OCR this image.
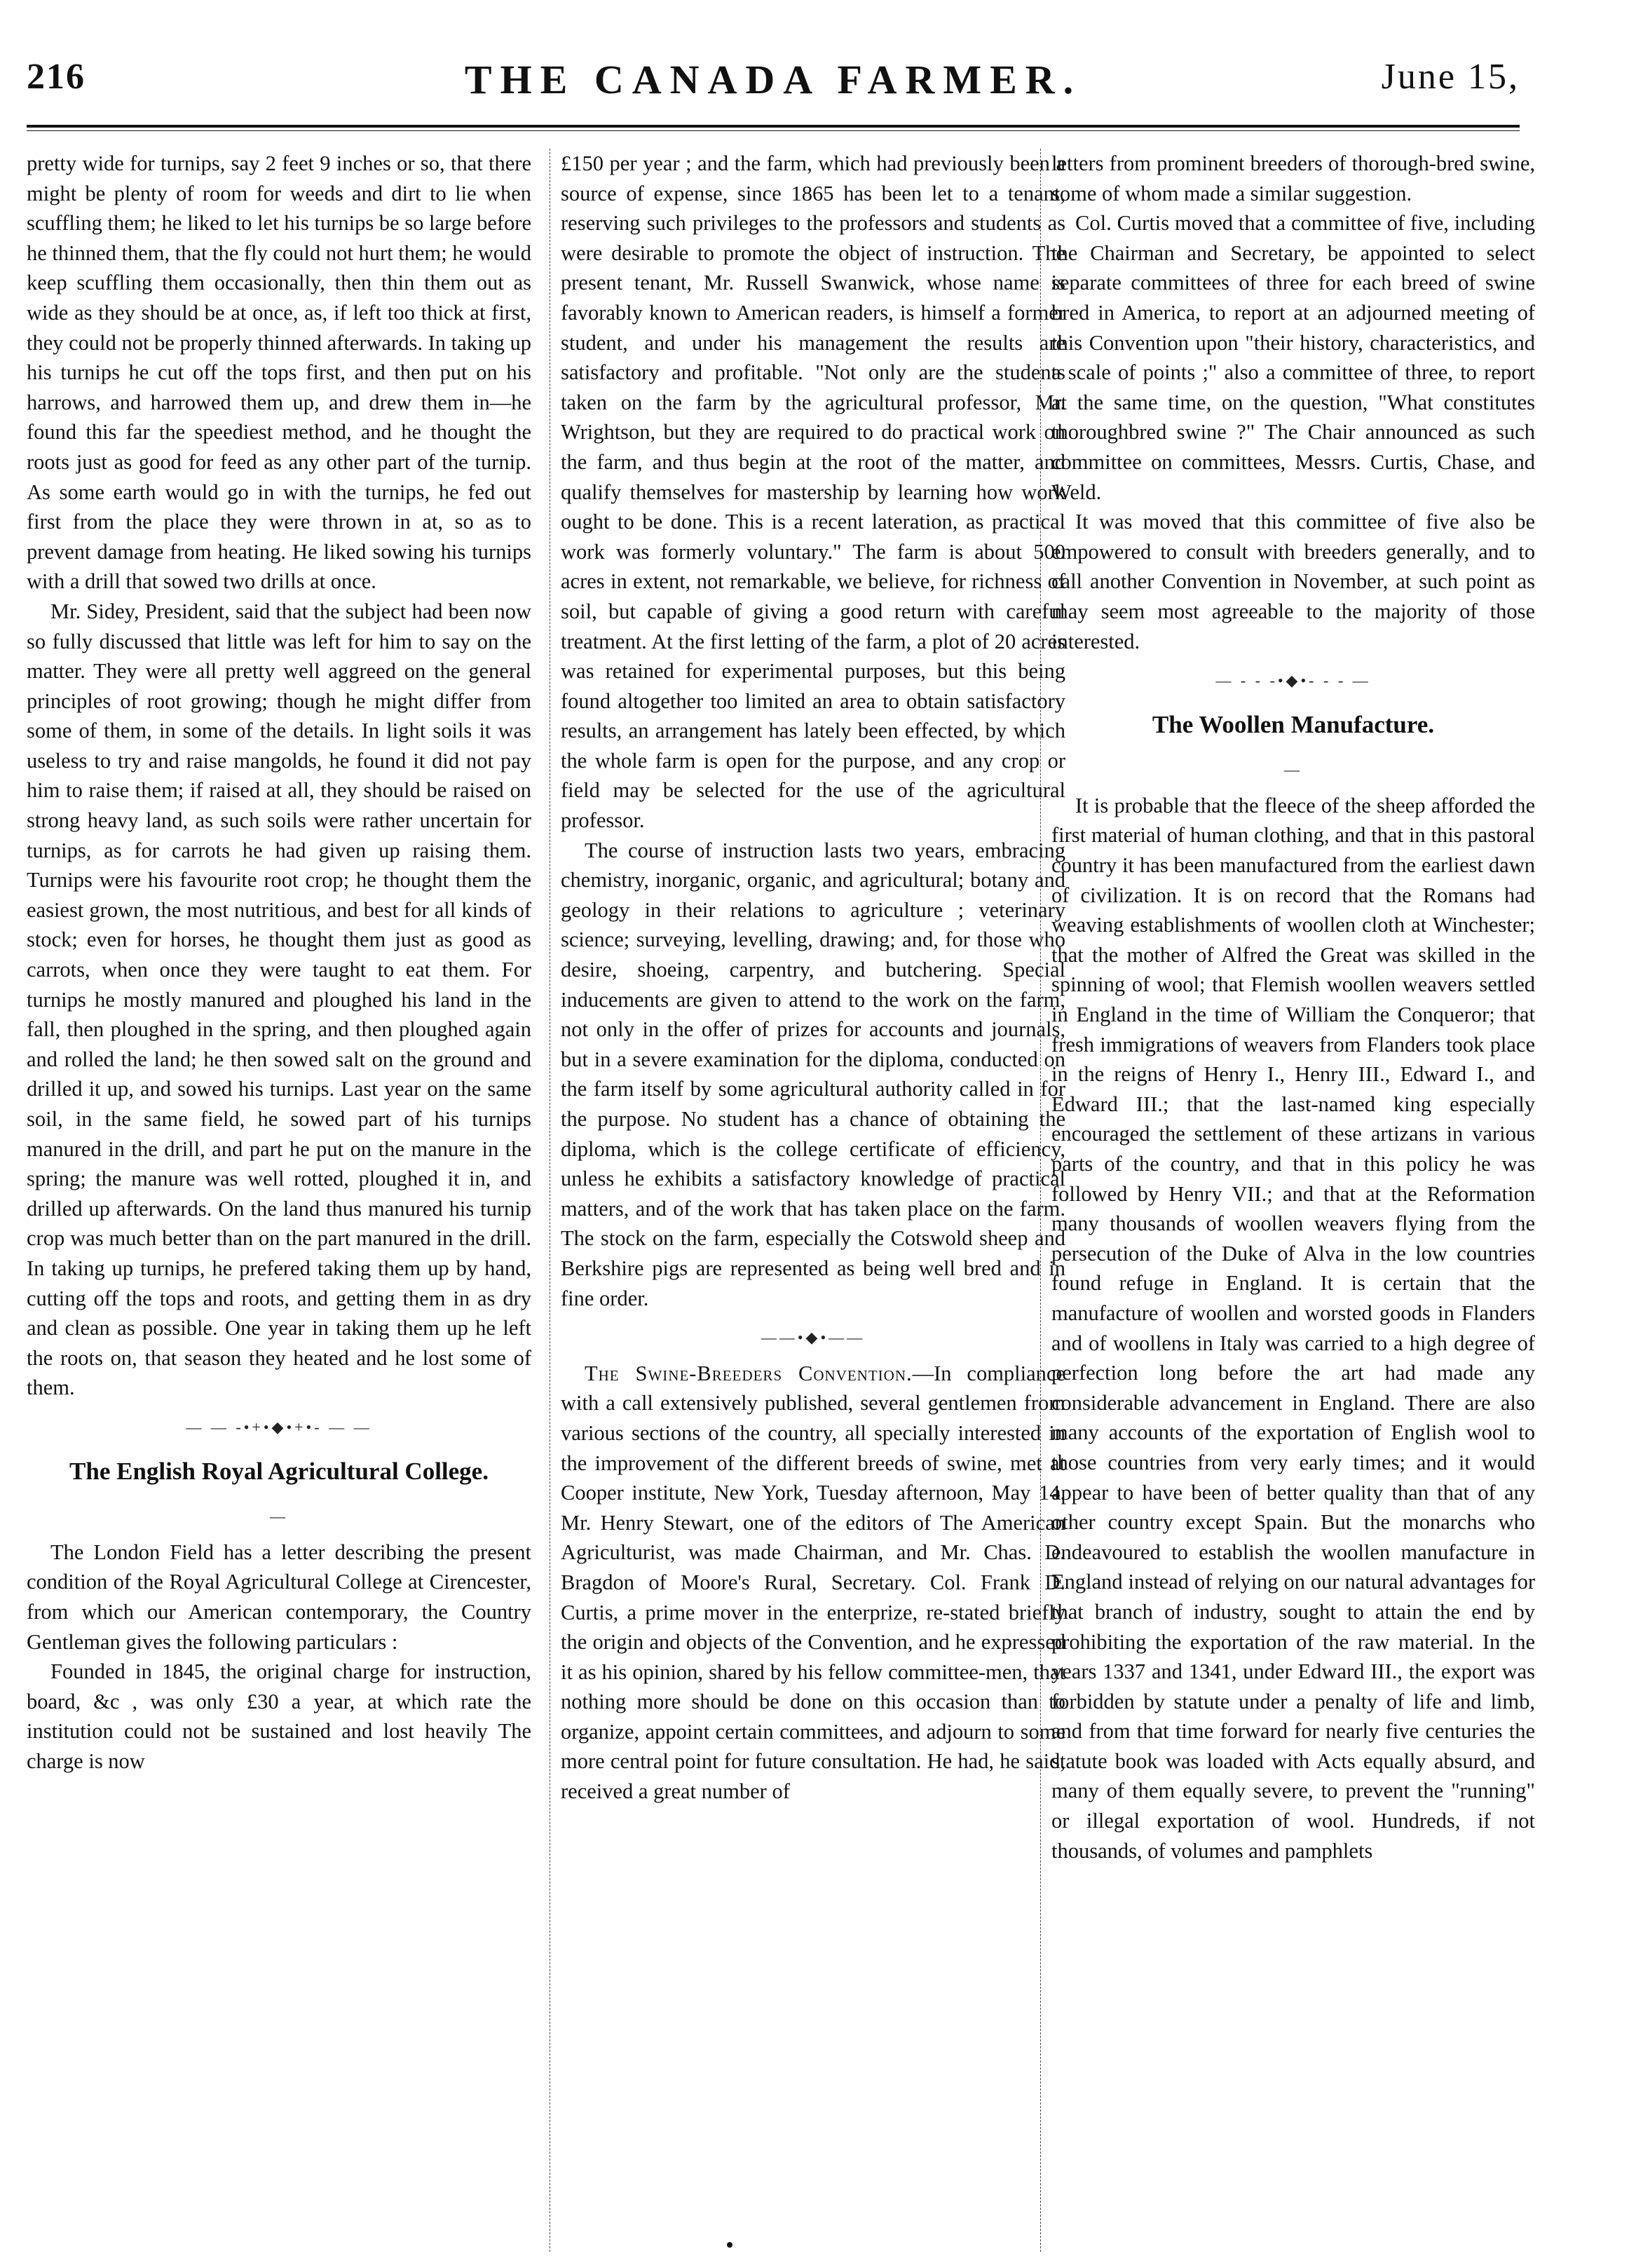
216	THE CANADA FARMER.	June 15,

pretty wide for turnips, say 2 feet 9 inches or so, that there might be plenty of room for weeds and dirt to lie when scuffling them; he liked to let his turnips be so large before he thinned them, that the fly could not hurt them; he would keep scuffling them occasionally, then thin them out as wide as they should be at once, as, if left too thick at first, they could not be properly thinned afterwards. In taking up his turnips he cut off the tops first, and then put on his harrows, and harrowed them up, and drew them in—he found this far the speediest method, and he thought the roots just as good for feed as any other part of the turnip. As some earth would go in with the turnips, he fed out first from the place they were thrown in at, so as to prevent damage from heating. He liked sowing his turnips with a drill that sowed two drills at once.

Mr. Sidey, President, said that the subject had been now so fully discussed that little was left for him to say on the matter. They were all pretty well aggreed on the general principles of root growing; though he might differ from some of them, in some of the details. In light soils it was useless to try and raise mangolds, he found it did not pay him to raise them; if raised at all, they should be raised on strong heavy land, as such soils were rather uncertain for turnips, as for carrots he had given up raising them. Turnips were his favourite root crop; he thought them the easiest grown, the most nutritious, and best for all kinds of stock; even for horses, he thought them just as good as carrots, when once they were taught to eat them. For turnips he mostly manured and ploughed his land in the fall, then ploughed in the spring, and then ploughed again and rolled the land; he then sowed salt on the ground and drilled it up, and sowed his turnips. Last year on the same soil, in the same field, he sowed part of his turnips manured in the drill, and part he put on the manure in the spring; the manure was well rotted, ploughed it in, and drilled up afterwards. On the land thus manured his turnip crop was much better than on the part manured in the drill. In taking up turnips, he prefered taking them up by hand, cutting off the tops and roots, and getting them in as dry and clean as possible. One year in taking them up he left the roots on, that season they heated and he lost some of them.

— — -•+•◆•+•- — —
The English Royal Agricultural College.
—

The London Field has a letter describing the present condition of the Royal Agricultural College at Cirencester, from which our American contemporary, the Country Gentleman gives the following particulars :

Founded in 1845, the original charge for instruction, board, &c , was only £30 a year, at which rate the institution could not be sustained and lost heavily The charge is now

£150 per year ; and the farm, which had previously been a source of expense, since 1865 has been let to a tenant, reserving such privileges to the professors and students as were desirable to promote the object of instruction. The present tenant, Mr. Russell Swanwick, whose name is favorably known to American readers, is himself a former student, and under his management the results are satisfactory and profitable. "Not only are the students taken on the farm by the agricultural professor, Mr. Wrightson, but they are required to do practical work on the farm, and thus begin at the root of the matter, and qualify themselves for mastership by learning how work ought to be done. This is a recent lateration, as practical work was formerly voluntary." The farm is about 500 acres in extent, not remarkable, we believe, for richness of soil, but capable of giving a good return with careful treatment. At the first letting of the farm, a plot of 20 acres was retained for experimental purposes, but this being found altogether too limited an area to obtain satisfactory results, an arrangement has lately been effected, by which the whole farm is open for the purpose, and any crop or field may be selected for the use of the agricultural professor.

The course of instruction lasts two years, embracing chemistry, inorganic, organic, and agricultural; botany and geology in their relations to agriculture ; veterinary science; surveying, levelling, drawing; and, for those who desire, shoeing, carpentry, and butchering. Special inducements are given to attend to the work on the farm, not only in the offer of prizes for accounts and journals, but in a severe examination for the diploma, conducted on the farm itself by some agricultural authority called in for the purpose. No student has a chance of obtaining the diploma, which is the college certificate of efficiency, unless he exhibits a satisfactory knowledge of practical matters, and of the work that has taken place on the farm. The stock on the farm, especially the Cotswold sheep and Berkshire pigs are represented as being well bred and in fine order.

——•◆•——

The Swine-Breeders Convention.—In compliance with a call extensively published, several gentlemen from various sections of the country, all specially interested in the improvement of the different breeds of swine, met at Cooper institute, New York, Tuesday afternoon, May 14. Mr. Henry Stewart, one of the editors of The American Agriculturist, was made Chairman, and Mr. Chas. D. Bragdon of Moore's Rural, Secretary. Col. Frank D. Curtis, a prime mover in the enterprize, re-stated briefly the origin and objects of the Convention, and he expressed it as his opinion, shared by his fellow committee-men, that nothing more should be done on this occasion than to organize, appoint certain committees, and adjourn to some more central point for future consultation. He had, he said, received a great number of

letters from prominent breeders of thorough-bred swine, some of whom made a similar suggestion.

Col. Curtis moved that a committee of five, including the Chairman and Secretary, be appointed to select separate committees of three for each breed of swine bred in America, to report at an adjourned meeting of this Convention upon "their history, characteristics, and a scale of points ;" also a committee of three, to report at the same time, on the question, "What constitutes thoroughbred swine ?" The Chair announced as such committee on committees, Messrs. Curtis, Chase, and Weld.

It was moved that this committee of five also be empowered to consult with breeders generally, and to call another Convention in November, at such point as may seem most agreeable to the majority of those interested.

— - - -•◆•- - - —
The Woollen Manufacture.
—

It is probable that the fleece of the sheep afforded the first material of human clothing, and that in this pastoral country it has been manufactured from the earliest dawn of civilization. It is on record that the Romans had weaving establishments of woollen cloth at Winchester; that the mother of Alfred the Great was skilled in the spinning of wool; that Flemish woollen weavers settled in England in the time of William the Conqueror; that fresh immigrations of weavers from Flanders took place in the reigns of Henry I., Henry III., Edward I., and Edward III.; that the last-named king especially encouraged the settlement of these artizans in various parts of the country, and that in this policy he was followed by Henry VII.; and that at the Reformation many thousands of woollen weavers flying from the persecution of the Duke of Alva in the low countries found refuge in England. It is certain that the manufacture of woollen and worsted goods in Flanders and of woollens in Italy was carried to a high degree of perfection long before the art had made any considerable advancement in England. There are also many accounts of the exportation of English wool to those countries from very early times; and it would appear to have been of better quality than that of any other country except Spain. But the monarchs who endeavoured to establish the woollen manufacture in England instead of relying on our natural advantages for that branch of industry, sought to attain the end by prohibiting the exportation of the raw material. In the years 1337 and 1341, under Edward III., the export was forbidden by statute under a penalty of life and limb, and from that time forward for nearly five centuries the statute book was loaded with Acts equally absurd, and many of them equally severe, to prevent the "running" or illegal exportation of wool. Hundreds, if not thousands, of volumes and pamphlets
